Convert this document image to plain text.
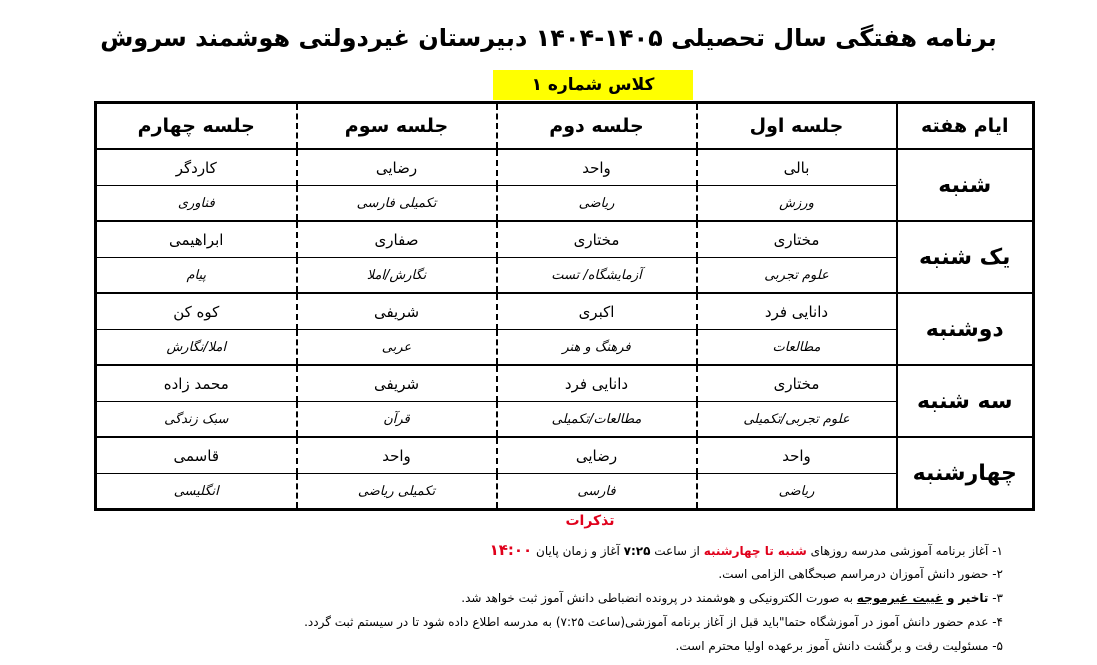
برنامه هفتگی سال تحصیلی ۱۴۰۵-۱۴۰۴ دبیرستان غیردولتی هوشمند سروش
کلاس شماره ۱
ایام هفته	جلسه اول	جلسه دوم	جلسه سوم	جلسه چهارم
شنبه	بالی	واحد	رضایی	کاردگر
	ورزش	ریاضی	تکمیلی فارسی	فناوری
یک شنبه	مختاری	مختاری	صفاری	ابراهیمی
	علوم تجربی	آزمایشگاه/ تست	نگارش/املا	پیام
دوشنبه	دانایی فرد	اکبری	شریفی	کوه کن
	مطالعات	فرهنگ و هنر	عربی	املا/نگارش
سه شنبه	مختاری	دانایی فرد	شریفی	محمد زاده
	علوم تجربی/تکمیلی	مطالعات/تکمیلی	قرآن	سبک زندگی
چهارشنبه	واحد	رضایی	واحد	قاسمی
	ریاضی	فارسی	تکمیلی ریاضی	انگلیسی
تذکرات
۱- آغاز برنامه آموزشی مدرسه روزهای شنبه تا چهارشنبه از ساعت ۷:۲۵ آغاز و زمان پایان ۱۴:۰۰
۲- حضور دانش آموزان درمراسم صبحگاهی الزامی است.
۳- تاخیر و غیبت غیرموجه به صورت الکترونیکی و هوشمند در پرونده انضباطی دانش آموز ثبت خواهد شد.
۴- عدم حضور دانش آموز در آموزشگاه حتما"باید قبل از آغاز برنامه آموزشی(ساعت ۷:۲۵) به مدرسه اطلاع داده شود تا در سیستم ثبت گردد.
۵- مسئولیت رفت و برگشت دانش آموز برعهده اولیا محترم است.
